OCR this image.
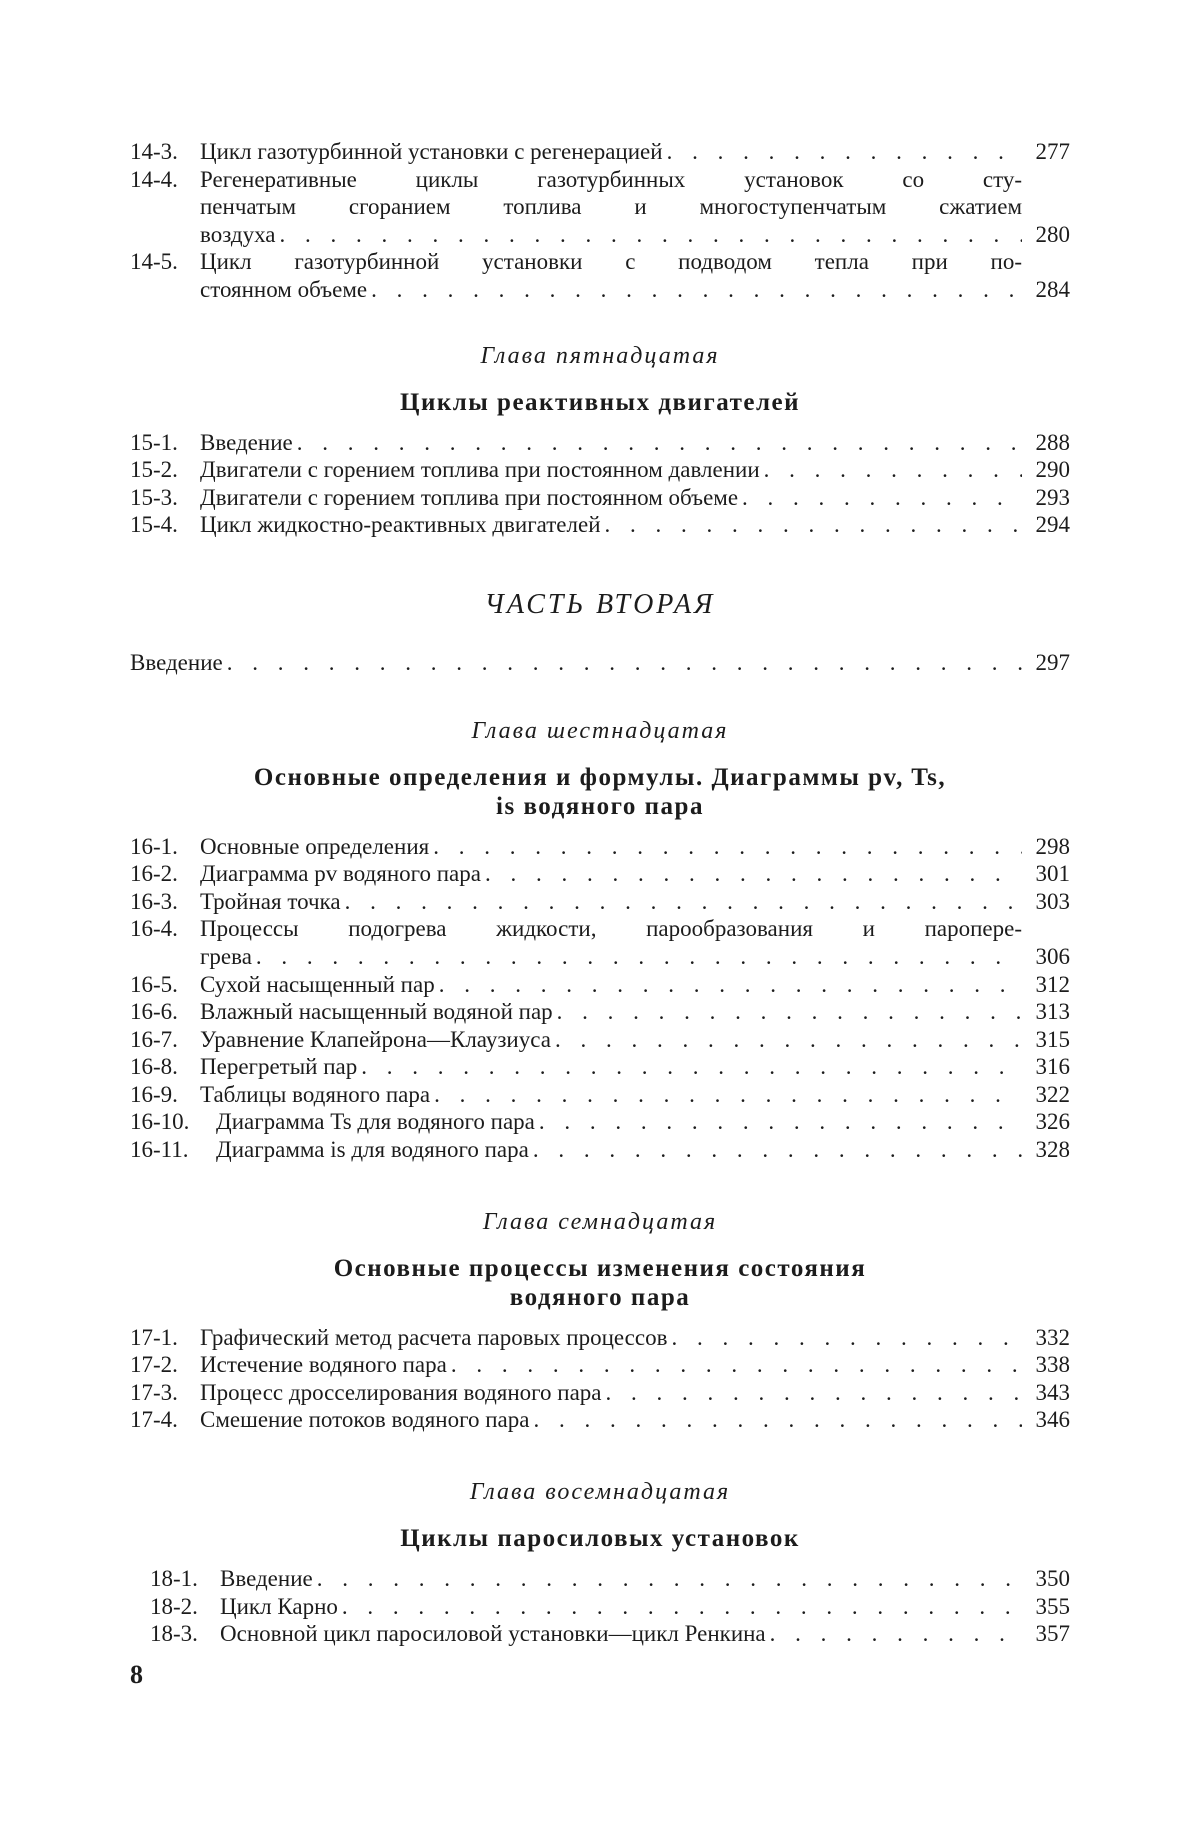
14-3. Цикл газотурбинной установки с регенерацией . . .	277
14-4. Регенеративные циклы газотурбинных установок со сту-
пенчатым сгоранием топлива и многоступенчатым сжатием
воздуха . . .	280
14-5. Цикл газотурбинной установки с подводом тепла при по-
стоянном объеме . . .	284
Глава пятнадцатая
Циклы реактивных двигателей
15-1. Введение . . .	288
15-2. Двигатели с горением топлива при постоянном давлении . . .	290
15-3. Двигатели с горением топлива при постоянном объеме . . .	293
15-4. Цикл жидкостно-реактивных двигателей . . .	294
ЧАСТЬ ВТОРАЯ
Введение . . .	297
Глава шестнадцатая
Основные определения и формулы. Диаграммы pv, Ts,
is водяного пара
16-1. Основные определения . . .	298
16-2. Диаграмма pv водяного пара . . .	301
16-3. Тройная точка . . .	303
16-4. Процессы подогрева жидкости, парообразования и паропере-
грева . . .	306
16-5. Сухой насыщенный пар . . .	312
16-6. Влажный насыщенный водяной пар . . .	313
16-7. Уравнение Клапейрона—Клаузиуса . . .	315
16-8. Перегретый пар . . .	316
16-9. Таблицы водяного пара . . .	322
16-10.	Диаграмма Ts для водяного пара . . .	326
16-11.	Диаграмма is для водяного пара . . .	328
Глава семнадцатая
Основные процессы изменения состояния
водяного пара
17-1. Графический метод расчета паровых процессов . . .	332
17-2. Истечение водяного пара . . .	338
17-3. Процесс дросселирования водяного пара . . .	343
17-4. Смешение потоков водяного пара . . .	346
Глава восемнадцатая
Циклы паросиловых установок
18-1. Введение . . .	350
18-2. Цикл Карно . . .	355
18-3. Основной цикл паросиловой установки—цикл Ренкина . . .	357
8
